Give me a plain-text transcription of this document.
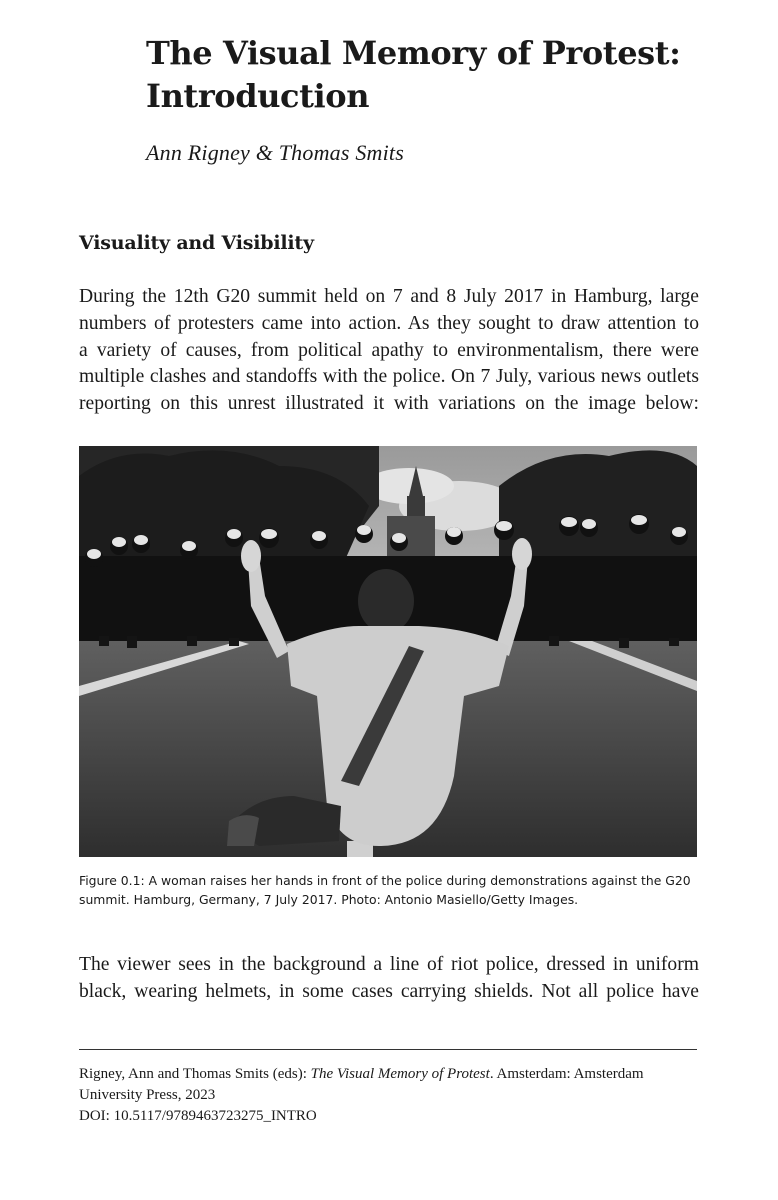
The Visual Memory of Protest:
Introduction
Ann Rigney & Thomas Smits
Visuality and Visibility

During the 12th G20 summit held on 7 and 8 July 2017 in Hamburg, large
numbers of protesters came into action. As they sought to draw attention to
a variety of causes, from political apathy to environmentalism, there were
multiple clashes and standoffs with the police. On 7 July, various news outlets
reporting on this unrest illustrated it with variations on the image below:

Figure 0.1: A woman raises her hands in front of the police during demonstrations against the G20
summit. Hamburg, Germany, 7 July 2017. Photo: Antonio Masiello/Getty Images.

The viewer sees in the background a line of riot police, dressed in uniform
black, wearing helmets, in some cases carrying shields. Not all police have

Rigney, Ann and Thomas Smits (eds): The Visual Memory of Protest. Amsterdam: Amsterdam
University Press, 2023
DOI: 10.5117/9789463723275_INTRO
